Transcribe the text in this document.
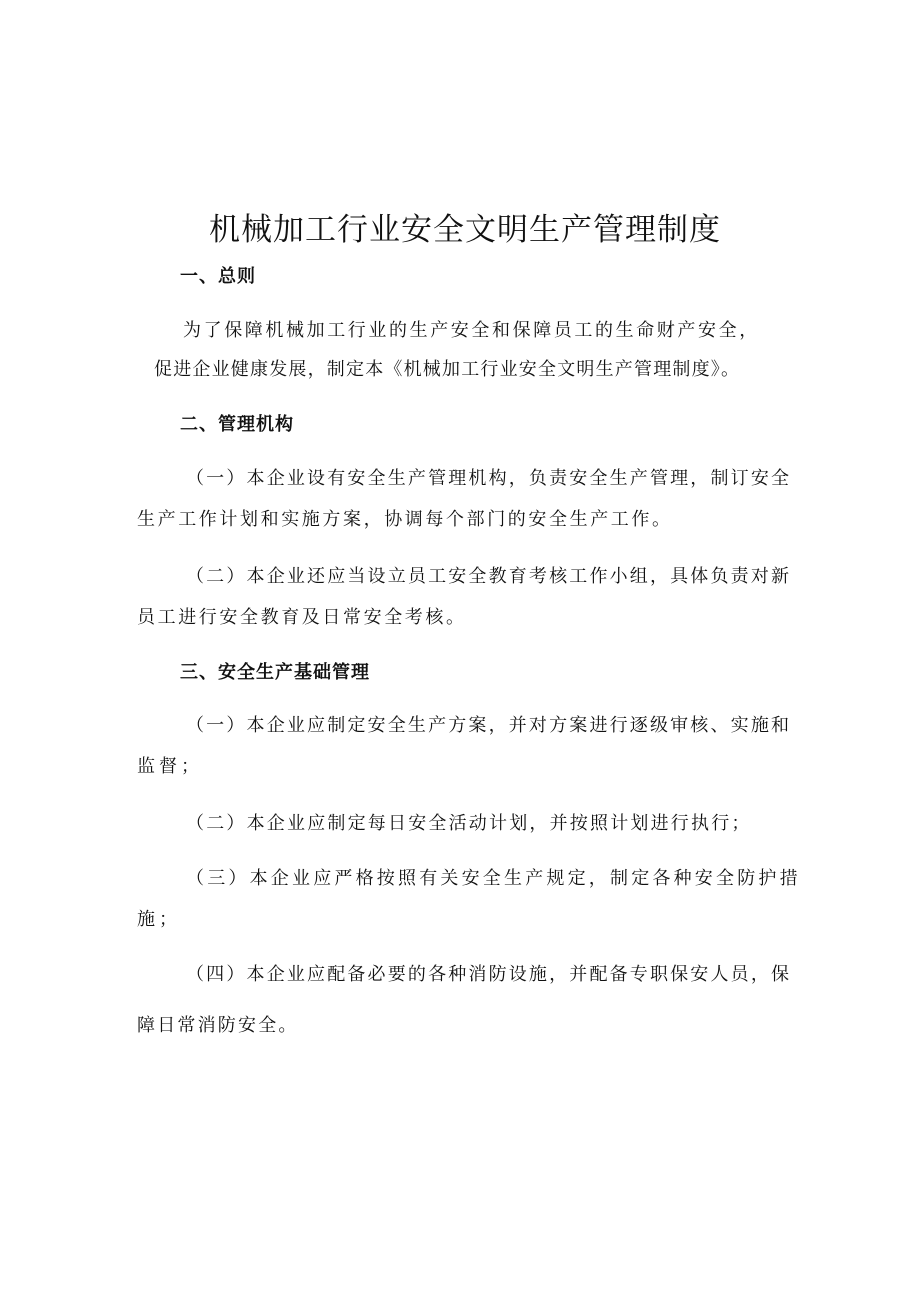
机械加工行业安全文明生产管理制度
一、总则

为了保障机械加工行业的生产安全和保障员工的生命财产安全，

促进企业健康发展，制定本《机械加工行业安全文明生产管理制度》。

二、管理机构

（一）本企业设有安全生产管理机构，负责安全生产管理，制订安全

生产工作计划和实施方案，协调每个部门的安全生产工作。

（二）本企业还应当设立员工安全教育考核工作小组，具体负责对新

员工进行安全教育及日常安全考核。

三、安全生产基础管理

（一）本企业应制定安全生产方案，并对方案进行逐级审核、实施和

监督；

（二）本企业应制定每日安全活动计划，并按照计划进行执行；

（三）本企业应严格按照有关安全生产规定，制定各种安全防护措

施；

（四）本企业应配备必要的各种消防设施，并配备专职保安人员，保

障日常消防安全。
